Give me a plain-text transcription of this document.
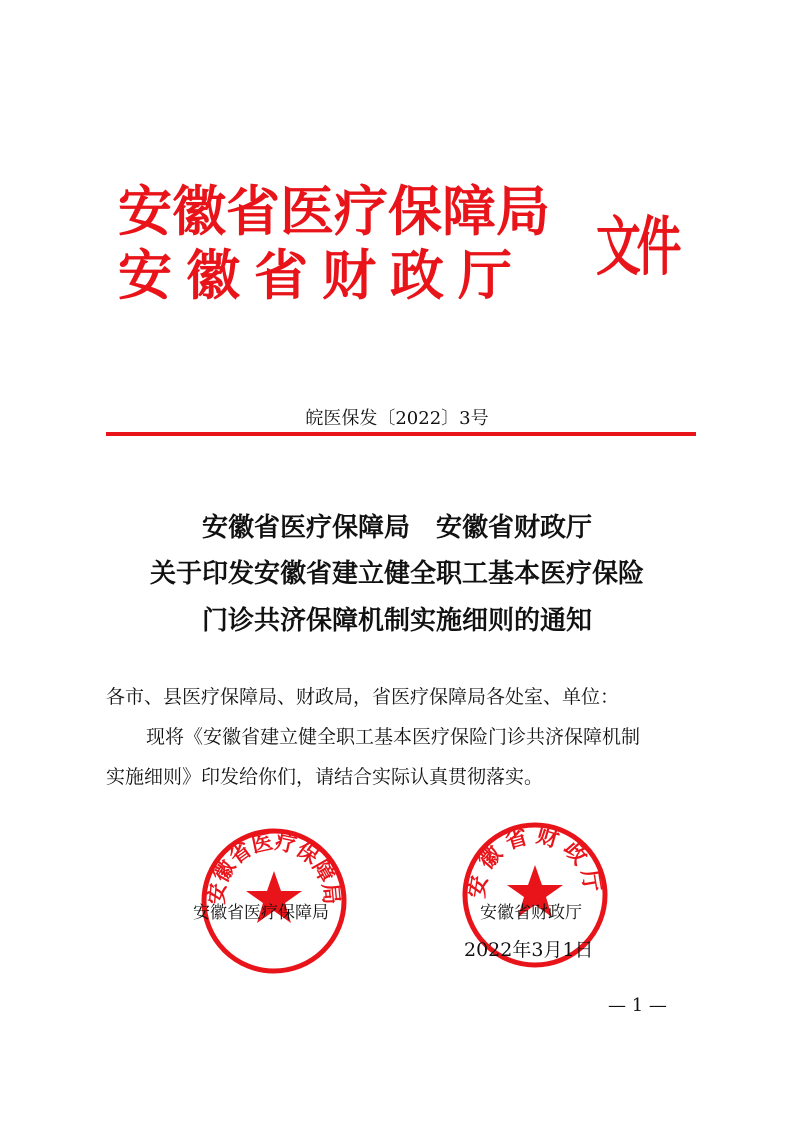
安徽省医疗保障局
安徽省财政厅 文件
皖医保发〔2022〕3号
安徽省医疗保障局　安徽省财政厅
关于印发安徽省建立健全职工基本医疗保险
门诊共济保障机制实施细则的通知
各市、县医疗保障局、财政局，省医疗保障局各处室、单位：
现将《安徽省建立健全职工基本医疗保险门诊共济保障机制
实施细则》印发给你们，请结合实际认真贯彻落实。
安徽省医疗保障局	安徽省财政厅
安徽省医疗保障局	安徽省财政厅
2022年3月1日
— 1 —
